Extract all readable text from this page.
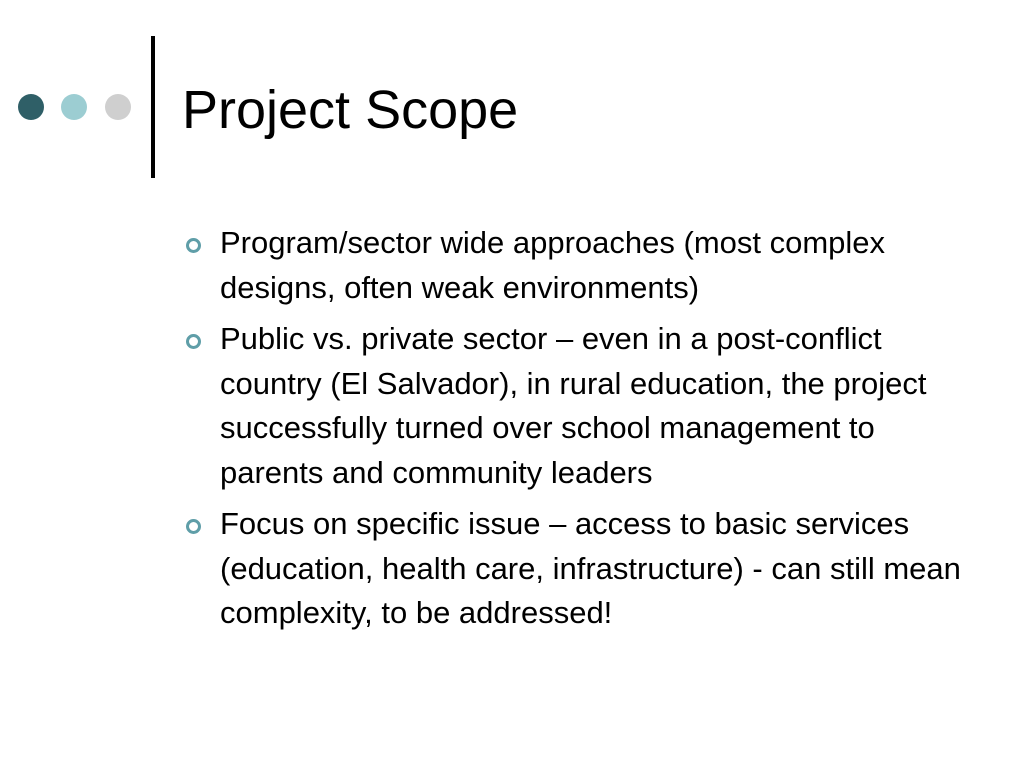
Project Scope
Program/sector wide approaches (most complex designs, often weak environments)
Public vs. private sector – even in a post-conflict country (El Salvador), in rural education, the project successfully turned over school management to parents and community leaders
Focus on specific issue – access to basic services (education, health care, infrastructure) - can still mean complexity, to be addressed!
